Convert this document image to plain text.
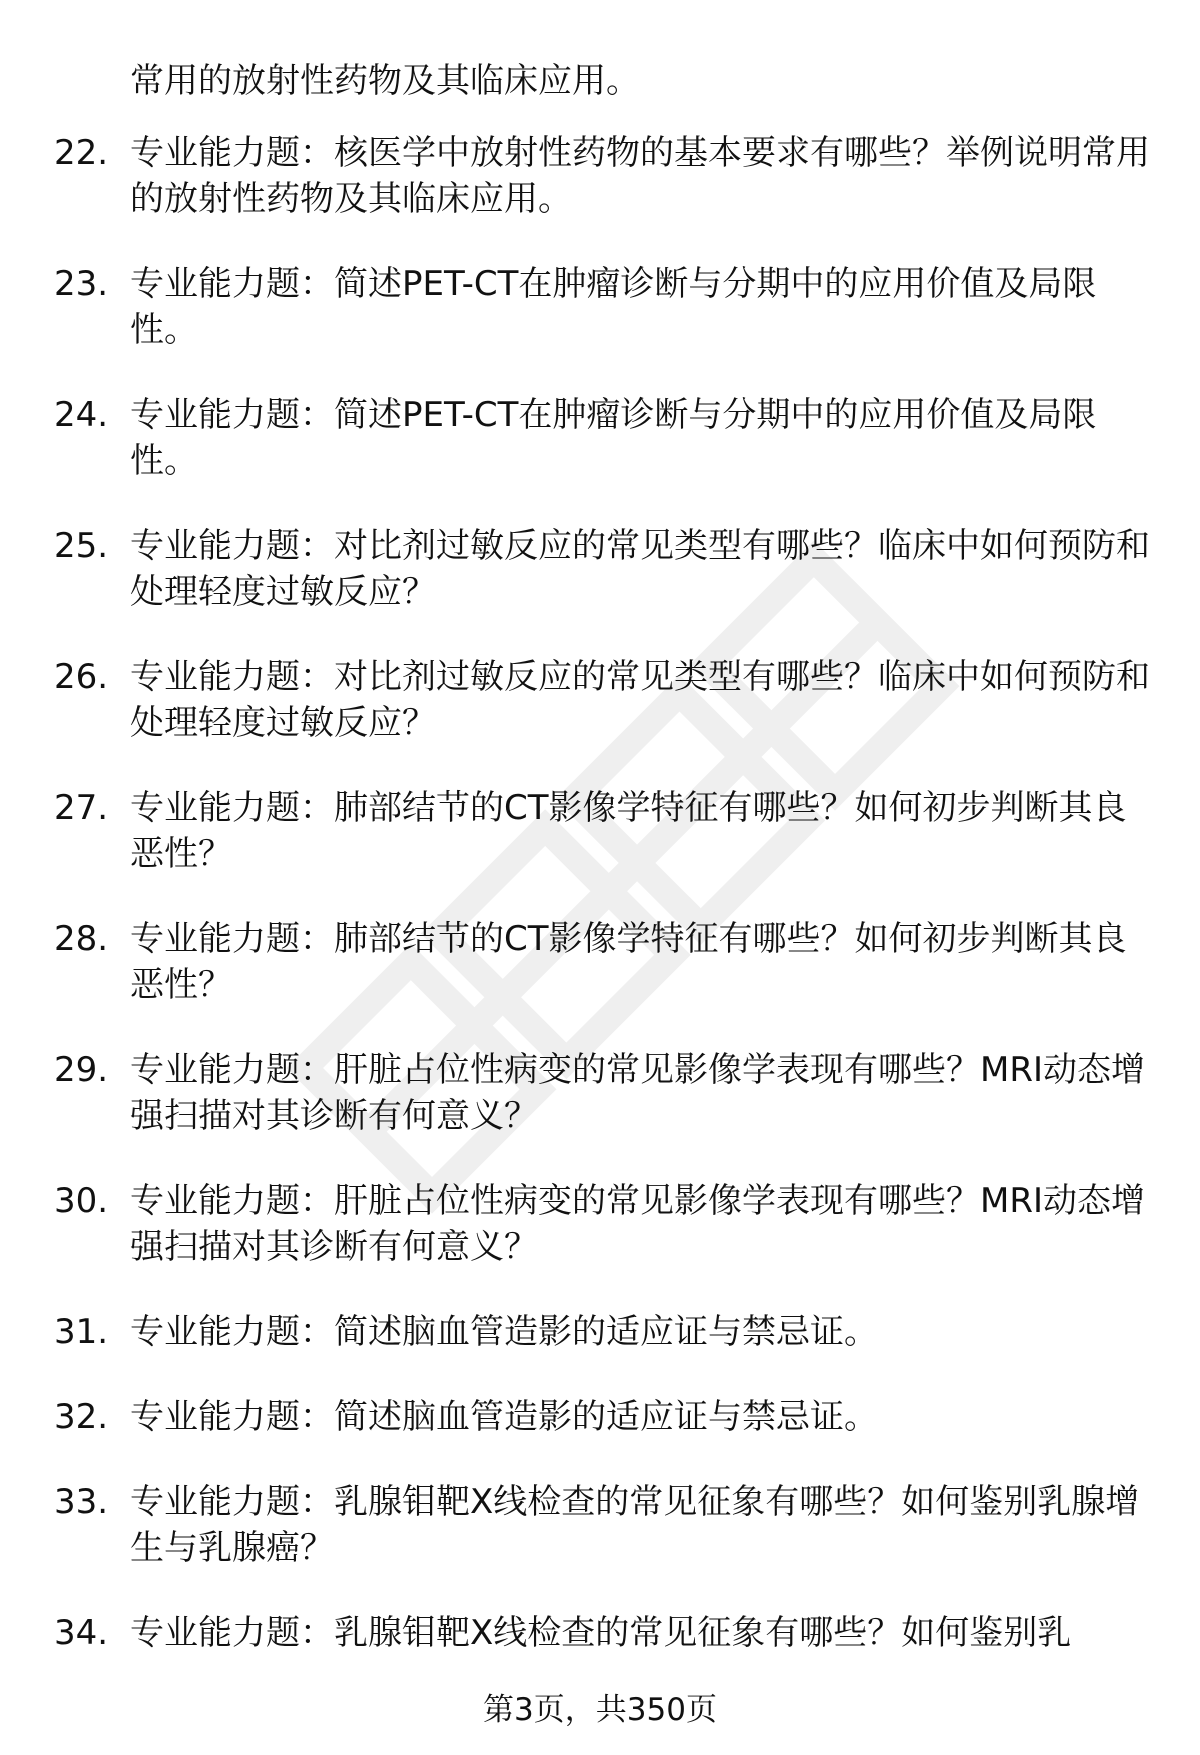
常用的放射性药物及其临床应用。
22. 专业能力题：核医学中放射性药物的基本要求有哪些？举例说明常用的放射性药物及其临床应用。
23. 专业能力题：简述PET-CT在肿瘤诊断与分期中的应用价值及局限性。
24. 专业能力题：简述PET-CT在肿瘤诊断与分期中的应用价值及局限性。
25. 专业能力题：对比剂过敏反应的常见类型有哪些？临床中如何预防和处理轻度过敏反应？
26. 专业能力题：对比剂过敏反应的常见类型有哪些？临床中如何预防和处理轻度过敏反应？
27. 专业能力题：肺部结节的CT影像学特征有哪些？如何初步判断其良恶性？
28. 专业能力题：肺部结节的CT影像学特征有哪些？如何初步判断其良恶性？
29. 专业能力题：肝脏占位性病变的常见影像学表现有哪些？MRI动态增强扫描对其诊断有何意义？
30. 专业能力题：肝脏占位性病变的常见影像学表现有哪些？MRI动态增强扫描对其诊断有何意义？
31. 专业能力题：简述脑血管造影的适应证与禁忌证。
32. 专业能力题：简述脑血管造影的适应证与禁忌证。
33. 专业能力题：乳腺钼靶X线检查的常见征象有哪些？如何鉴别乳腺增生与乳腺癌？
34. 专业能力题：乳腺钼靶X线检查的常见征象有哪些？如何鉴别乳
第3页，共350页
